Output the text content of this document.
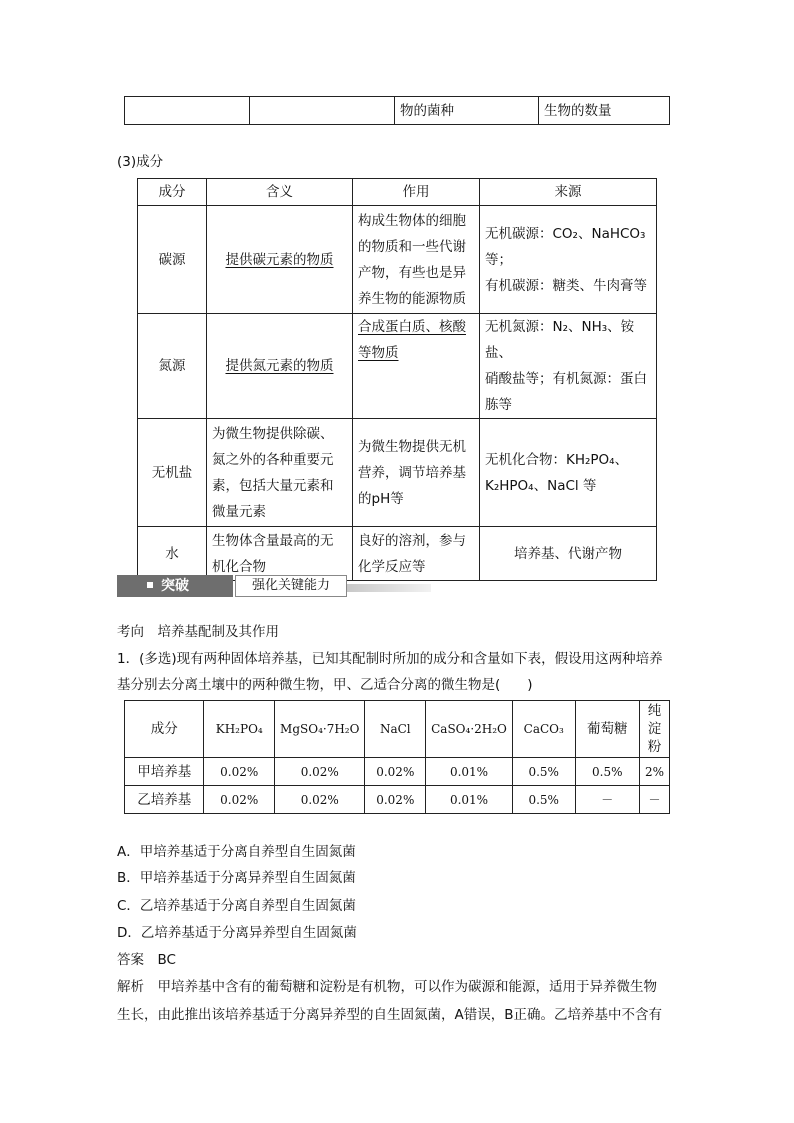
		物的菌种	生物的数量
(3)成分
成分	含义	作用	来源
碳源	提供碳元素的物质	构成生物体的细胞
的物质和一些代谢
产物，有些也是异
养生物的能源物质	无机碳源：CO₂、NaHCO₃等；
有机碳源：糖类、牛肉膏等
氮源	提供氮元素的物质	合成蛋白质、核酸
等物质	无机氮源：N₂、NH₃、铵盐、
硝酸盐等；有机氮源：蛋白
胨等
无机盐	为微生物提供除碳、
氮之外的各种重要元
素，包括大量元素和
微量元素	为微生物提供无机
营养，调节培养基
的pH等	无机化合物：KH₂PO₄、
K₂HPO₄、NaCl 等
水	生物体含量最高的无
机化合物	良好的溶剂，参与
化学反应等	培养基、代谢产物
突破	强化关键能力
考向　培养基配制及其作用
1．(多选)现有两种固体培养基，已知其配制时所加的成分和含量如下表，假设用这两种培养
基分别去分离土壤中的两种微生物，甲、乙适合分离的微生物是(　　)
成分	KH₂PO₄	MgSO₄·7H₂O	NaCl	CaSO₄·2H₂O	CaCO₃	葡萄糖	纯淀粉
甲培养基	0.02%	0.02%	0.02%	0.01%	0.5%	0.5%	2%
乙培养基	0.02%	0.02%	0.02%	0.01%	0.5%	－	－
A．甲培养基适于分离自养型自生固氮菌
B．甲培养基适于分离异养型自生固氮菌
C．乙培养基适于分离自养型自生固氮菌
D．乙培养基适于分离异养型自生固氮菌
答案　BC
解析　甲培养基中含有的葡萄糖和淀粉是有机物，可以作为碳源和能源，适用于异养微生物
生长，由此推出该培养基适于分离异养型的自生固氮菌，A错误，B正确。乙培养基中不含有
